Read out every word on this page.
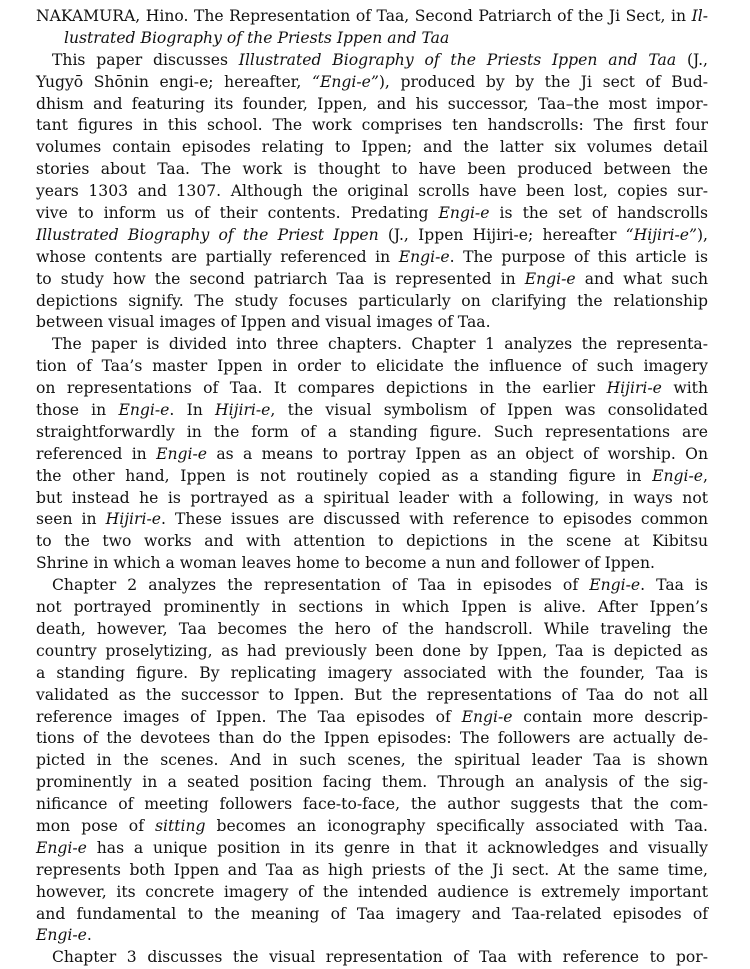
NAKAMURA, Hino. The Representation of Taa, Second Patriarch of the Ji Sect, in Il-
lustrated Biography of the Priests Ippen and Taa
This paper discusses Illustrated Biography of the Priests Ippen and Taa (J.,
Yugyō Shōnin engi-e; hereafter, “Engi-e”), produced by by the Ji sect of Bud-
dhism and featuring its founder, Ippen, and his successor, Taa–the most impor-
tant figures in this school. The work comprises ten handscrolls: The first four
volumes contain episodes relating to Ippen; and the latter six volumes detail
stories about Taa. The work is thought to have been produced between the
years 1303 and 1307. Although the original scrolls have been lost, copies sur-
vive to inform us of their contents. Predating Engi-e is the set of handscrolls
Illustrated Biography of the Priest Ippen (J., Ippen Hijiri-e; hereafter “Hijiri-e”),
whose contents are partially referenced in Engi-e. The purpose of this article is
to study how the second patriarch Taa is represented in Engi-e and what such
depictions signify. The study focuses particularly on clarifying the relationship
between visual images of Ippen and visual images of Taa.
The paper is divided into three chapters. Chapter 1 analyzes the representa-
tion of Taa’s master Ippen in order to elicidate the influence of such imagery
on representations of Taa. It compares depictions in the earlier Hijiri-e with
those in Engi-e. In Hijiri-e, the visual symbolism of Ippen was consolidated
straightforwardly in the form of a standing figure. Such representations are
referenced in Engi-e as a means to portray Ippen as an object of worship. On
the other hand, Ippen is not routinely copied as a standing figure in Engi-e,
but instead he is portrayed as a spiritual leader with a following, in ways not
seen in Hijiri-e. These issues are discussed with reference to episodes common
to the two works and with attention to depictions in the scene at Kibitsu
Shrine in which a woman leaves home to become a nun and follower of Ippen.
Chapter 2 analyzes the representation of Taa in episodes of Engi-e. Taa is
not portrayed prominently in sections in which Ippen is alive. After Ippen’s
death, however, Taa becomes the hero of the handscroll. While traveling the
country proselytizing, as had previously been done by Ippen, Taa is depicted as
a standing figure. By replicating imagery associated with the founder, Taa is
validated as the successor to Ippen. But the representations of Taa do not all
reference images of Ippen. The Taa episodes of Engi-e contain more descrip-
tions of the devotees than do the Ippen episodes: The followers are actually de-
picted in the scenes. And in such scenes, the spiritual leader Taa is shown
prominently in a seated position facing them. Through an analysis of the sig-
nificance of meeting followers face-to-face, the author suggests that the com-
mon pose of sitting becomes an iconography specifically associated with Taa.
Engi-e has a unique position in its genre in that it acknowledges and visually
represents both Ippen and Taa as high priests of the Ji sect. At the same time,
however, its concrete imagery of the intended audience is extremely important
and fundamental to the meaning of Taa imagery and Taa-related episodes of
Engi-e.
Chapter 3 discusses the visual representation of Taa with reference to por-
